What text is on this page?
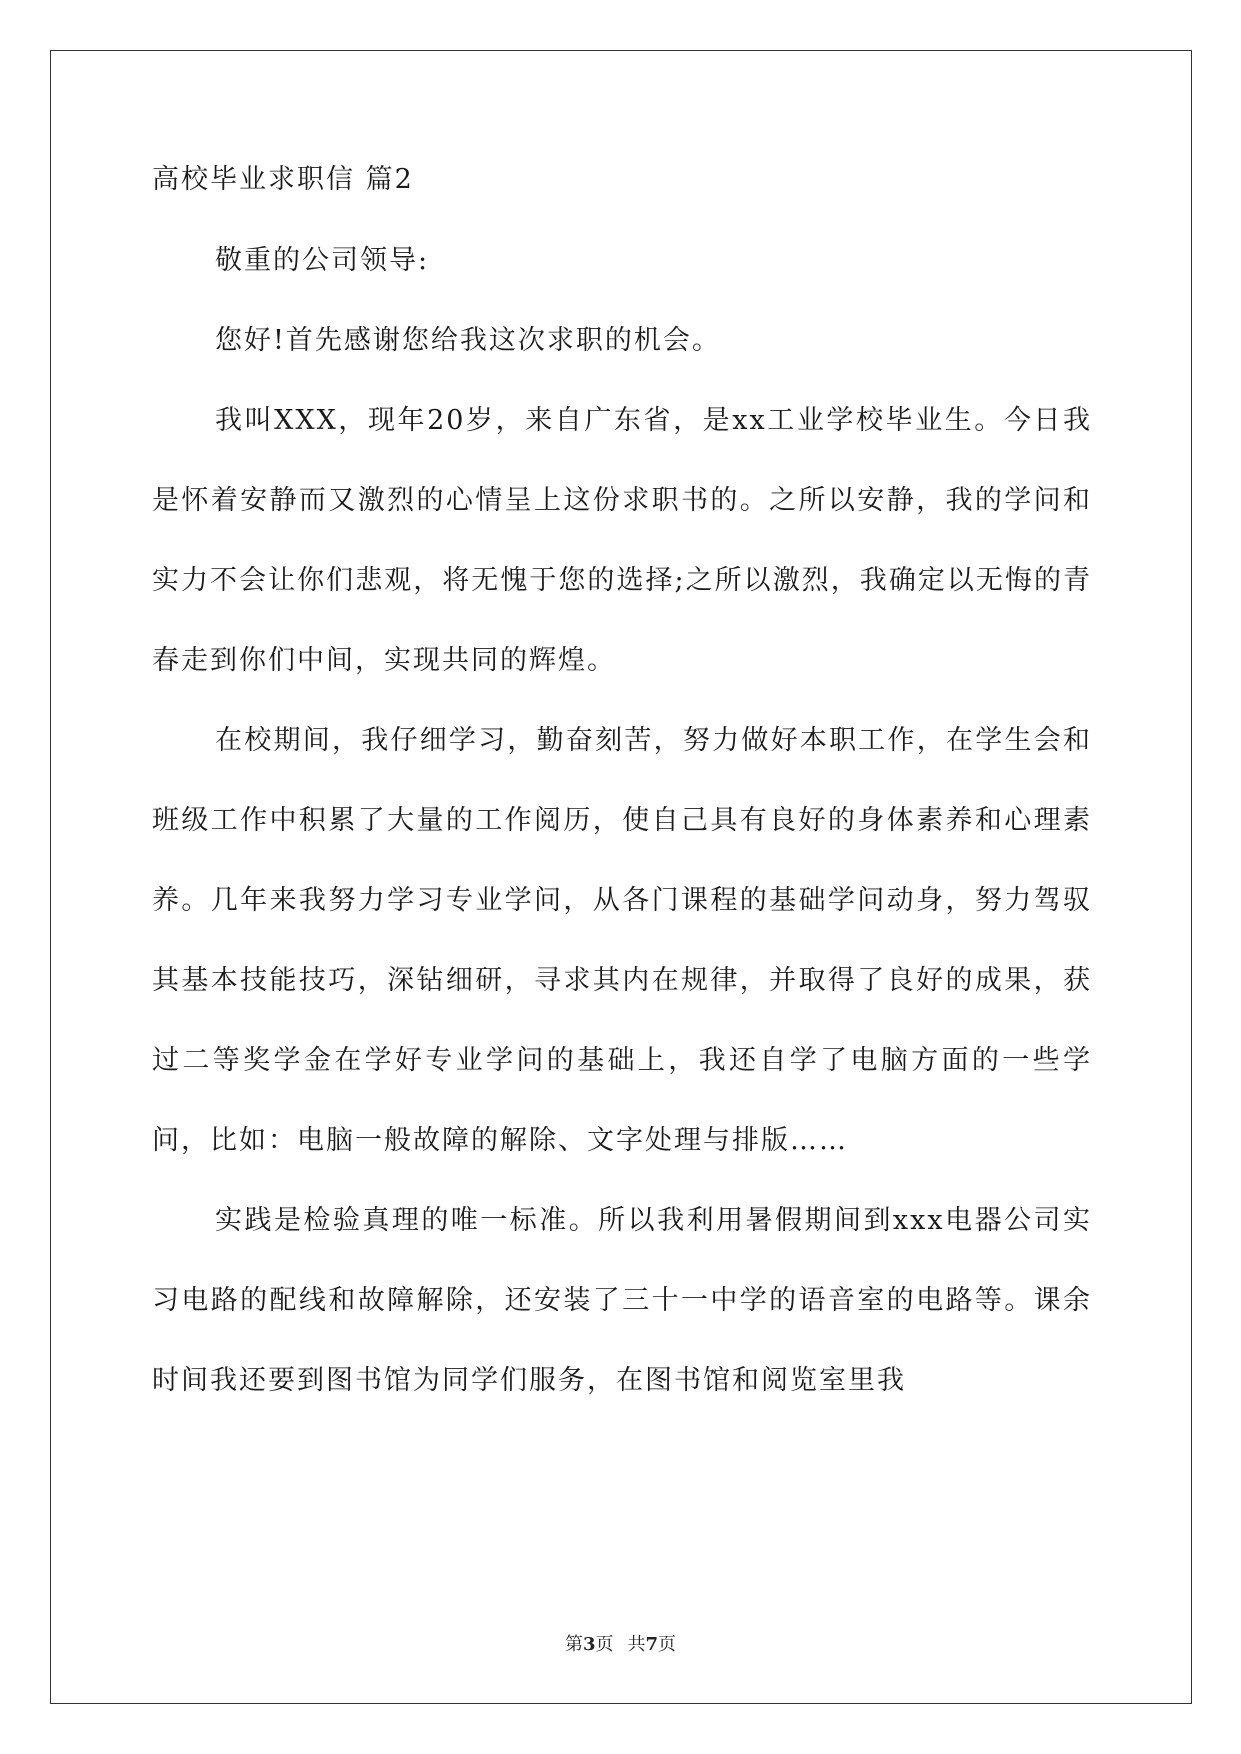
高校毕业求职信 篇2

敬重的公司领导:

您好!首先感谢您给我这次求职的机会。

我叫XXX，现年20岁，来自广东省，是xx工业学校毕业生。今日我是怀着安静而又激烈的心情呈上这份求职书的。之所以安静，我的学问和实力不会让你们悲观，将无愧于您的选择;之所以激烈，我确定以无悔的青春走到你们中间，实现共同的辉煌。

在校期间，我仔细学习，勤奋刻苦，努力做好本职工作，在学生会和班级工作中积累了大量的工作阅历，使自己具有良好的身体素养和心理素养。几年来我努力学习专业学问，从各门课程的基础学问动身，努力驾驭其基本技能技巧，深钻细研，寻求其内在规律，并取得了良好的成果，获过二等奖学金在学好专业学问的基础上，我还自学了电脑方面的一些学问，比如：电脑一般故障的解除、文字处理与排版……

实践是检验真理的唯一标准。所以我利用暑假期间到xxx电器公司实习电路的配线和故障解除，还安装了三十一中学的语音室的电路等。课余时间我还要到图书馆为同学们服务，在图书馆和阅览室里我

第3页 共7页
